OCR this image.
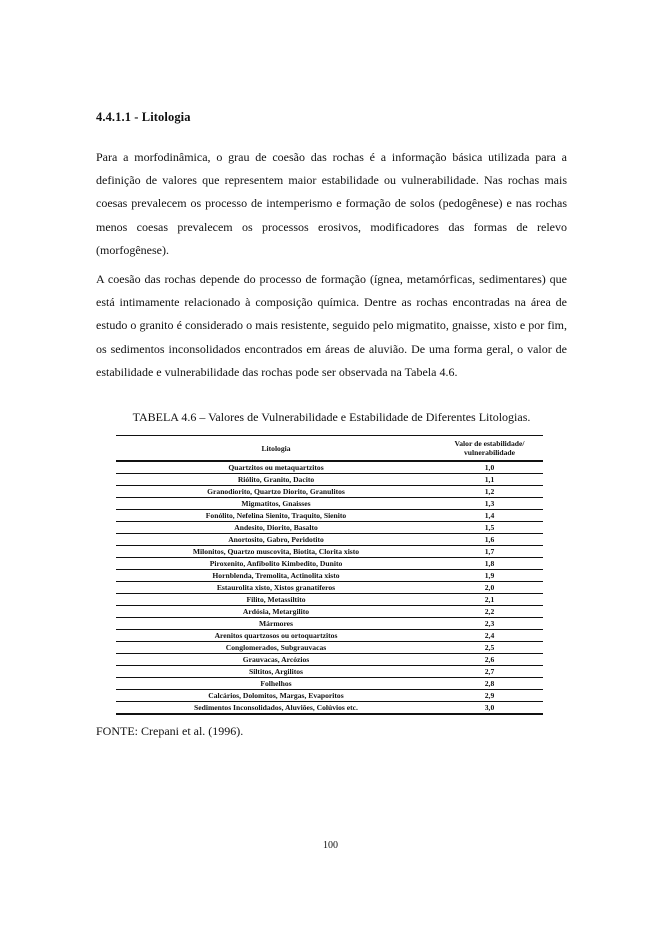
4.4.1.1 - Litologia

Para a morfodinâmica, o grau de coesão das rochas é a informação básica utilizada para a definição de valores que representem maior estabilidade ou vulnerabilidade. Nas rochas mais coesas prevalecem os processo de intemperismo e formação de solos (pedogênese) e nas rochas menos coesas prevalecem os processos erosivos, modificadores das formas de relevo (morfogênese).

A coesão das rochas depende do processo de formação (ígnea, metamórficas, sedimentares) que está intimamente relacionado à composição química. Dentre as rochas encontradas na área de estudo o granito é considerado o mais resistente, seguido pelo migmatito, gnaisse, xisto e por fim, os sedimentos inconsolidados encontrados em áreas de aluvião. De uma forma geral, o valor de estabilidade e vulnerabilidade das rochas pode ser observada na Tabela 4.6.

TABELA 4.6 – Valores de Vulnerabilidade e Estabilidade de Diferentes Litologias.
Litologia	Valor de estabilidade/ vulnerabilidade
Quartzitos ou metaquartzitos	1,0
Riólito, Granito, Dacito	1,1
Granodiorito, Quartzo Diorito, Granulitos	1,2
Migmatitos, Gnaisses	1,3
Fonólito, Nefelina Sienito, Traquito, Sienito	1,4
Andesito, Diorito, Basalto	1,5
Anortosito, Gabro, Peridotito	1,6
Milonitos, Quartzo muscovita, Biotita, Clorita xisto	1,7
Piroxenito, Anfibolito Kimbedito, Dunito	1,8
Hornblenda, Tremolita, Actinolita xisto	1,9
Estaurolita xisto, Xistos granatíferos	2,0
Filito, Metassiltito	2,1
Ardósia, Metargilito	2,2
Mármores	2,3
Arenitos quartzosos ou ortoquartzitos	2,4
Conglomerados, Subgrauvacas	2,5
Grauvacas, Arcózios	2,6
Siltitos, Argilitos	2,7
Folhelhos	2,8
Calcários, Dolomitos, Margas, Evaporitos	2,9
Sedimentos Inconsolidados, Aluviões, Colúvios etc.	3,0
FONTE: Crepani et al. (1996).
100
